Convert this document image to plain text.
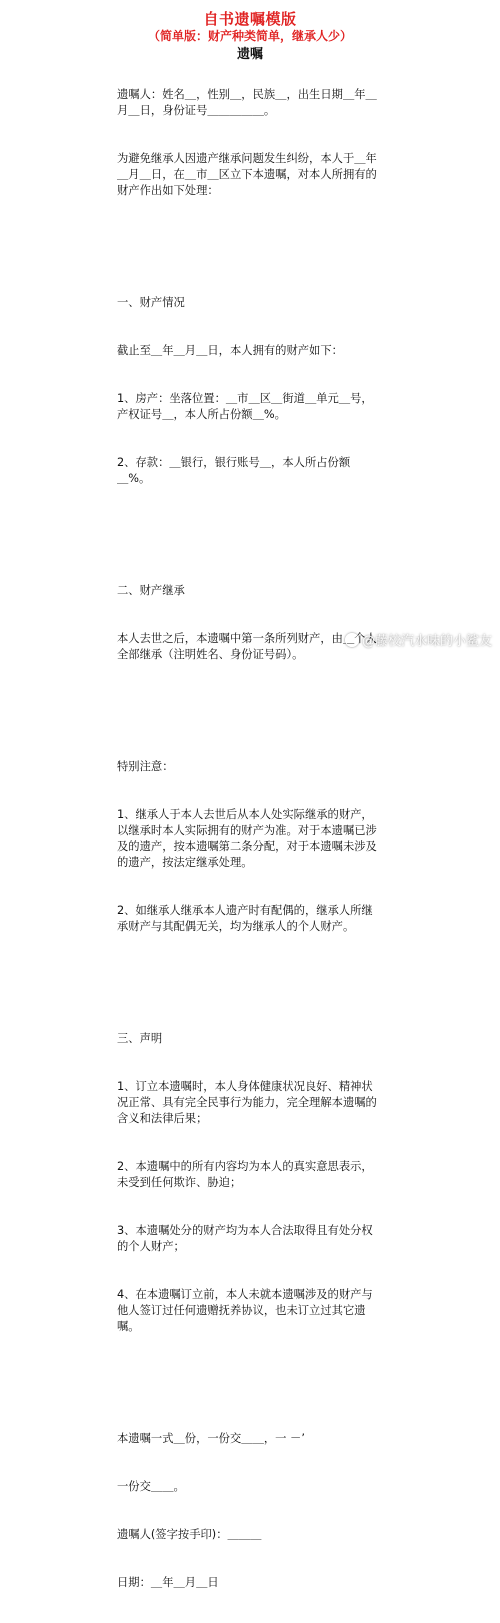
自书遗嘱模版
（简单版：财产种类简单，继承人少）
遗嘱

遗嘱人：姓名＿，性别＿，民族＿，出生日期＿年＿月＿日，身份证号＿＿＿＿＿。

为避免继承人因遗产继承问题发生纠纷，本人于＿年＿月＿日，在＿市＿区立下本遗嘱，对本人所拥有的财产作出如下处理：

一、财产情况

截止至＿年＿月＿日，本人拥有的财产如下：

1、房产：坐落位置：＿市＿区＿街道＿单元＿号，产权证号＿，本人所占份额＿%。

2、存款：＿银行，银行账号＿，本人所占份额＿%。

二、财产继承

本人去世之后，本遗嘱中第一条所列财产，由＿个人全部继承（注明姓名、身份证号码）。

特别注意：

1、继承人于本人去世后从本人处实际继承的财产，以继承时本人实际拥有的财产为准。对于本遗嘱已涉及的遗产，按本遗嘱第二条分配，对于本遗嘱未涉及的遗产，按法定继承处理。

2、如继承人继承本人遗产时有配偶的，继承人所继承财产与其配偶无关，均为继承人的个人财产。

三、声明

1、订立本遗嘱时，本人身体健康状况良好、精神状况正常、具有完全民事行为能力，完全理解本遗嘱的含义和法律后果；

2、本遗嘱中的所有内容均为本人的真实意思表示，未受到任何欺诈、胁迫；

3、本遗嘱处分的财产均为本人合法取得且有处分权的个人财产；

4、在本遗嘱订立前，本人未就本遗嘱涉及的财产与他人签订过任何遗赠抚养协议，也未订立过其它遗嘱。

本遗嘱一式＿份，一份交＿＿，一 －’

一份交＿＿。

遗嘱人(签字按手印)：＿＿＿

日期：＿年＿月＿日

@藤校汽水味的小鲨友
